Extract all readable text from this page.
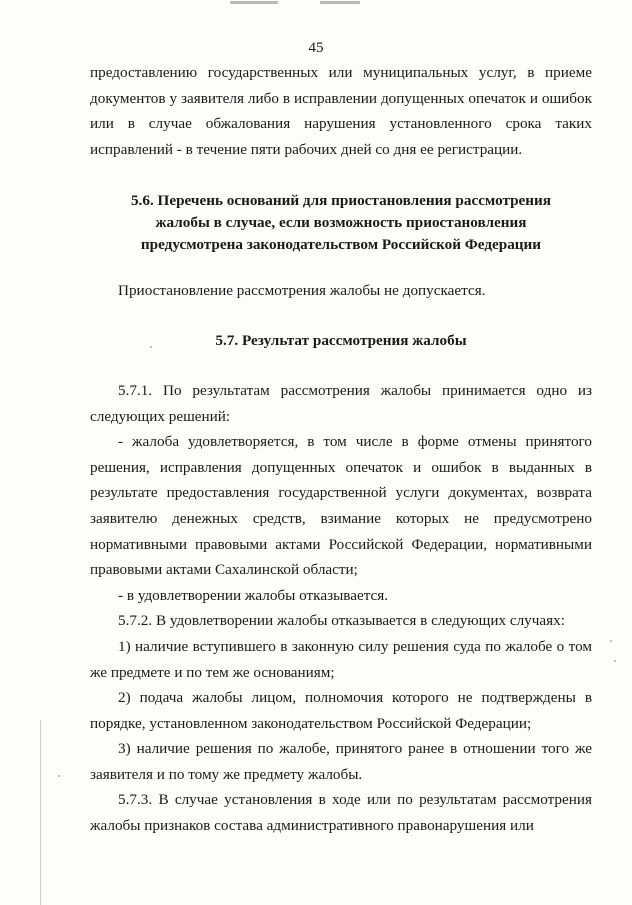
45

предоставлению государственных или муниципальных услуг, в приеме документов у заявителя либо в исправлении допущенных опечаток и ошибок или в случае обжалования нарушения установленного срока таких исправлений - в течение пяти рабочих дней со дня ее регистрации.

5.6. Перечень оснований для приостановления рассмотрения жалобы в случае, если возможность приостановления предусмотрена законодательством Российской Федерации

Приостановление рассмотрения жалобы не допускается.

5.7. Результат рассмотрения жалобы

5.7.1. По результатам рассмотрения жалобы принимается одно из следующих решений:

- жалоба удовлетворяется, в том числе в форме отмены принятого решения, исправления допущенных опечаток и ошибок в выданных в результате предоставления государственной услуги документах, возврата заявителю денежных средств, взимание которых не предусмотрено нормативными правовыми актами Российской Федерации, нормативными правовыми актами Сахалинской области;

- в удовлетворении жалобы отказывается.

5.7.2. В удовлетворении жалобы отказывается в следующих случаях:

1) наличие вступившего в законную силу решения суда по жалобе о том же предмете и по тем же основаниям;

2) подача жалобы лицом, полномочия которого не подтверждены в порядке, установленном законодательством Российской Федерации;

3) наличие решения по жалобе, принятого ранее в отношении того же заявителя и по тому же предмету жалобы.

5.7.3. В случае установления в ходе или по результатам рассмотрения жалобы признаков состава административного правонарушения или
